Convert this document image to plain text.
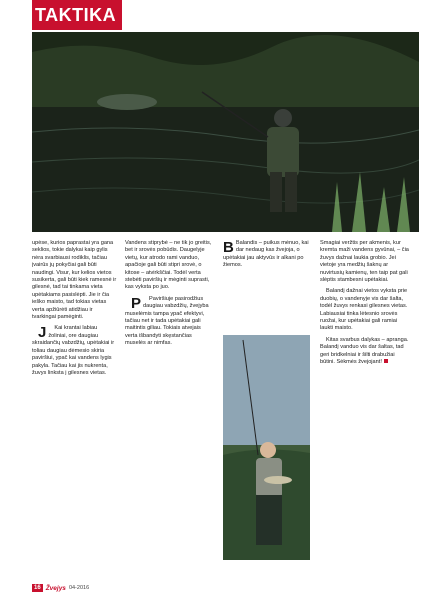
TAKTIKA

upėse, kurios paprastai yra gana seklios, tokie dalykai kaip gylis nėra svarbiausi rodiklis, tačiau įvairūs jų pokyčiai gali būti naudingi. Visur, kur kelios vietos susikerta, gali būti kiek ramesnė ir gilesnė, tad tai tinkama vieta upėtakiams pasislėpti. Jie ir čia ieško maisto, tad tokias vietas verta apžiūrėti atidžiau ir tvarkingai pamėginti.

J Kai krantai labiau žoliniai, ore daugiau skraidančių vabzdžių, upėtakiai ir toliau daugiau dėmesio skiria paviršiui, ypač kai vandens lygis pakyla. Tačiau kai jis nukrenta, žuvys linksta į gilesnes vietas.

Vandens stiprybė – ne tik jo greitis, bet ir srovės pobūdis. Daugelyje vietų, kur atrodo rami vanduo, apačioje gali būti stipri srovė, o kitose – atvirkščiai. Todėl verta stebėti paviršių ir mėginti suprasti, kas vyksta po juo.

P Paviršiuje pasirodžius daugiau vabzdžių, žvejyba muselėmis tampa ypač efektyvi, tačiau net ir tada upėtakiai gali maitintis giliau. Tokiais atvejais verta išbandyti skęstančias muselės ar nimfas.

B Balandis – puikus mėnuo, kai dar nedaug kas žvejoja, o upėtakiai jau aktyvūs ir alkani po žiemos.

Smagiai veržtis per akmenis, kur kremta maži vandens gyvūnai, – čia žuvys dažnai laukia grobio. Jei vietoje yra medžių šaknų ar nuvirtusių kamienų, ten taip pat gali slėptis stambesni upėtakiai.

Balandį dažnai vietos vyksta prie duobių, o vandenyje vis dar šalta, todėl žuvys renkasi gilesnes vietas. Labiausiai tinka lėtesnio srovės ruožai, kur upėtakiai gali ramiai laukti maisto.

Kitas svarbus dalykas – apranga. Balandį vanduo vis dar šaltas, tad geri bridkelniai ir šilti drabužiai būtini. Sėkmės žvejojant!

16 Žvejys 04-2016
